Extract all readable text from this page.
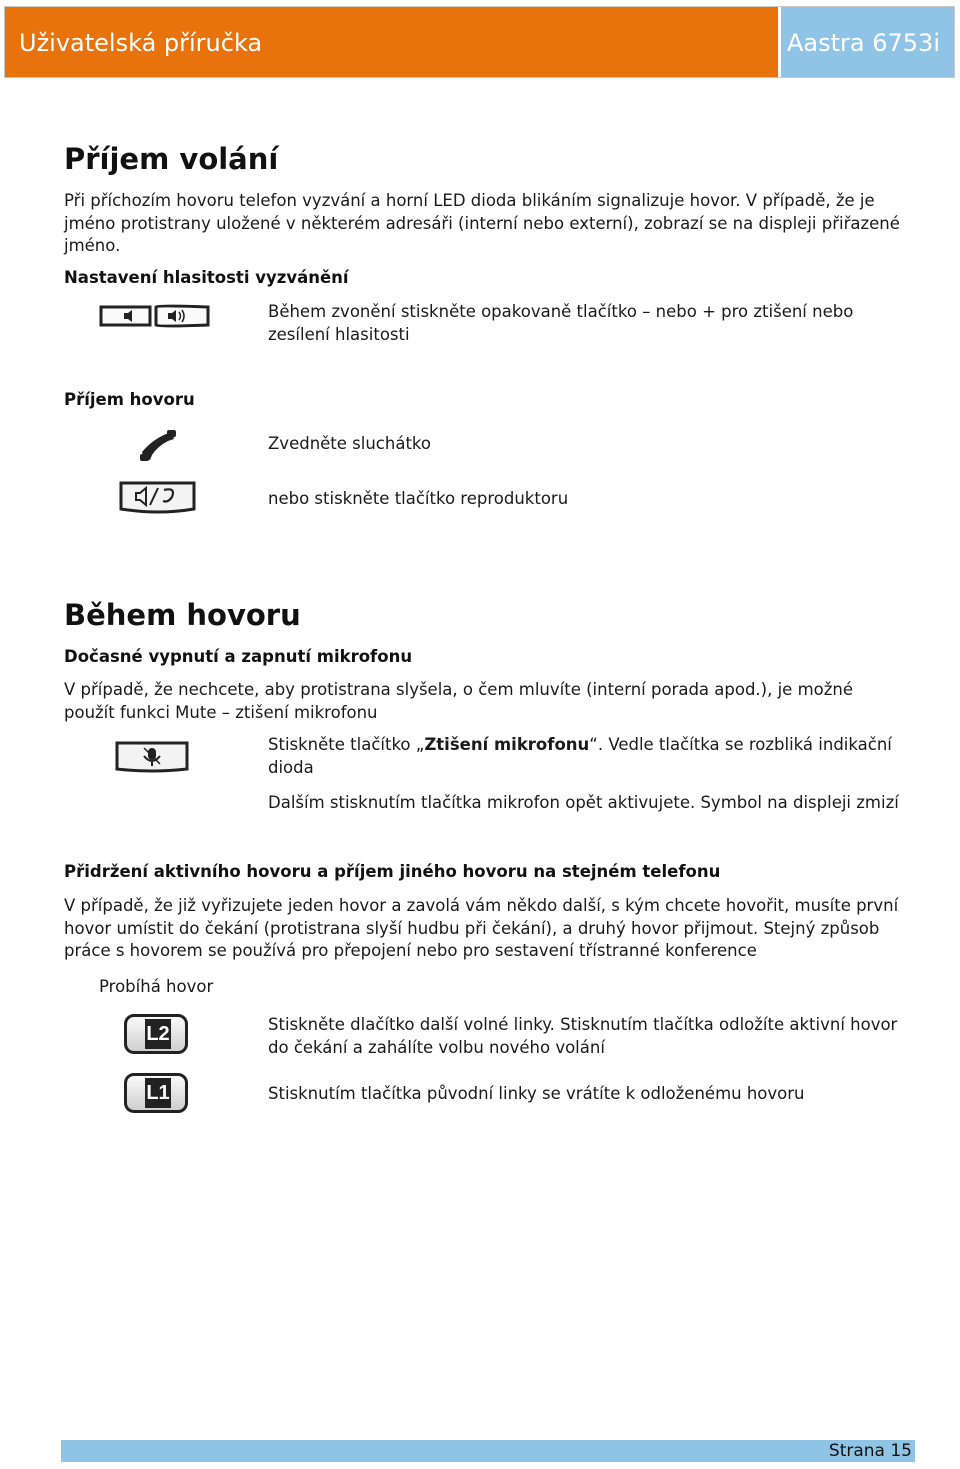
Uživatelská příručka	Aastra 6753i
Příjem volání
Při příchozím hovoru telefon vyzvání a horní LED dioda blikáním signalizuje hovor. V případě, že je jméno protistrany uložené v některém adresáři (interní nebo externí), zobrazí se na displeji přiřazené jméno.
Nastavení hlasitosti vyzvánění
Během zvonění stiskněte opakovaně tlačítko – nebo + pro ztišení nebo zesílení hlasitosti
Příjem hovoru
Zvedněte sluchátko
nebo stiskněte tlačítko reproduktoru
Během hovoru
Dočasné vypnutí a zapnutí mikrofonu
V případě, že nechcete, aby protistrana slyšela, o čem mluvíte (interní porada apod.), je možné použít funkci Mute – ztišení mikrofonu
Stiskněte tlačítko „Ztišení mikrofonu“. Vedle tlačítka se rozbliká indikační dioda
Dalším stisknutím tlačítka mikrofon opět aktivujete. Symbol na displeji zmizí
Přidržení aktivního hovoru a příjem jiného hovoru na stejném telefonu
V případě, že již vyřizujete jeden hovor a zavolá vám někdo další, s kým chcete hovořit, musíte první hovor umístit do čekání (protistrana slyší hudbu při čekání), a druhý hovor přijmout. Stejný způsob práce s hovorem se používá pro přepojení nebo pro sestavení třístranné konference
Probíhá hovor
L2
L1
Stiskněte dlačítko další volné linky. Stisknutím tlačítka odložíte aktivní hovor do čekání a zahálíte volbu nového volání
Stisknutím tlačítka původní linky se vrátíte k odloženému hovoru
Strana 15
